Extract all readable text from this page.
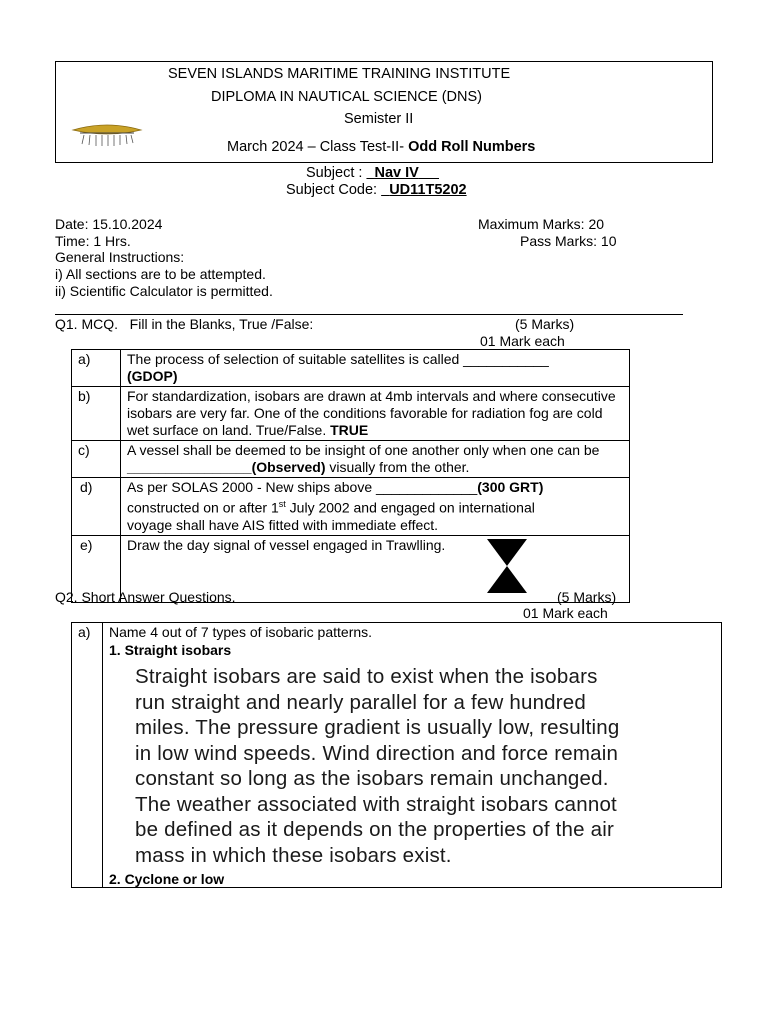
SEVEN ISLANDS MARITIME TRAINING INSTITUTE
DIPLOMA IN NAUTICAL SCIENCE (DNS)
Semister II
March 2024 – Class Test-II- Odd Roll Numbers
Subject : Nav IV
Subject Code: UD11T5202
Date: 15.10.2024	Maximum Marks: 20
Time: 1 Hrs.	Pass Marks: 10
General Instructions:
i) All sections are to be attempted.
ii) Scientific Calculator is permitted.
Q1. MCQ.   Fill in the Blanks, True /False:	(5 Marks)
01 Mark each
a)	The process of selection of suitable satellites is called ___________
(GDOP)
b)	For standardization, isobars are drawn at 4mb intervals and where consecutive isobars are very far. One of the conditions favorable for radiation fog are cold wet surface on land. True/False. TRUE
c)	A vessel shall be deemed to be insight of one another only when one can be ________________(Observed) visually from the other.
d)	As per SOLAS 2000 - New ships above _____________(300 GRT)
constructed on or after 1st July 2002 and engaged on international
voyage shall have AIS fitted with immediate effect.
e)	Draw the day signal of vessel engaged in Trawlling.
Q2. Short Answer Questions.	(5 Marks)
01 Mark each
a)	Name 4 out of 7 types of isobaric patterns.
1. Straight isobars
Straight isobars are said to exist when the isobars
run straight and nearly parallel for a few hundred
miles. The pressure gradient is usually low, resulting
in low wind speeds. Wind direction and force remain
constant so long as the isobars remain unchanged.
The weather associated with straight isobars cannot
be defined as it depends on the properties of the air
mass in which these isobars exist.
2. Cyclone or low
